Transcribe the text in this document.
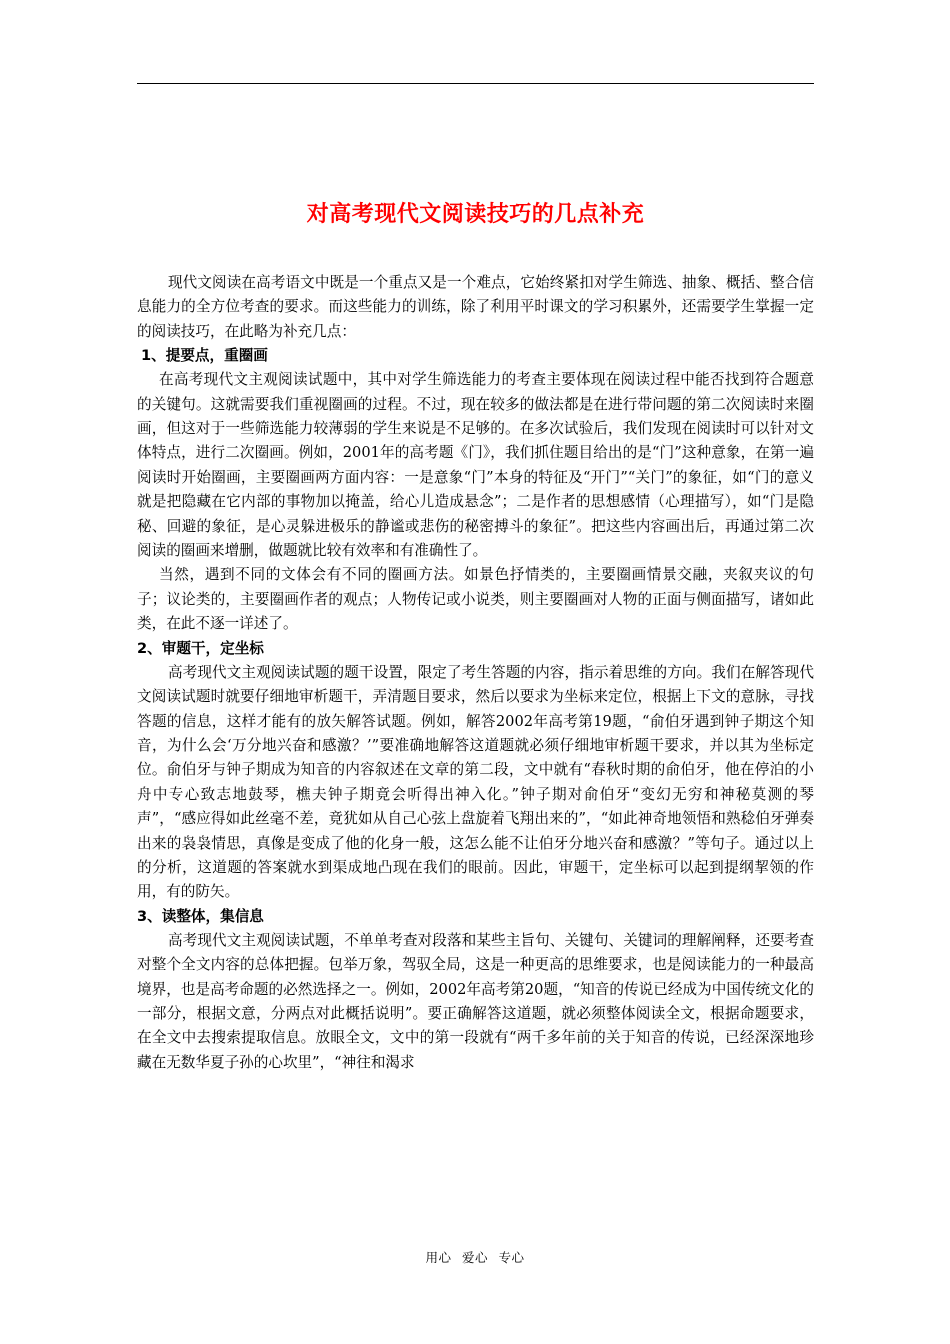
对高考现代文阅读技巧的几点补充

现代文阅读在高考语文中既是一个重点又是一个难点，它始终紧扣对学生筛选、抽象、概括、整合信息能力的全方位考查的要求。而这些能力的训练，除了利用平时课文的学习积累外，还需要学生掌握一定的阅读技巧，在此略为补充几点：

1、提要点，重圈画

在高考现代文主观阅读试题中，其中对学生筛选能力的考查主要体现在阅读过程中能否找到符合题意的关键句。这就需要我们重视圈画的过程。不过，现在较多的做法都是在进行带问题的第二次阅读时来圈画，但这对于一些筛选能力较薄弱的学生来说是不足够的。在多次试验后，我们发现在阅读时可以针对文体特点，进行二次圈画。例如，2001年的高考题《门》，我们抓住题目给出的是“门”这种意象，在第一遍阅读时开始圈画，主要圈画两方面内容：一是意象“门”本身的特征及“开门”“关门”的象征，如“门的意义就是把隐藏在它内部的事物加以掩盖，给心儿造成悬念”；二是作者的思想感情（心理描写），如“门是隐秘、回避的象征，是心灵躲进极乐的静谧或悲伤的秘密搏斗的象征”。把这些内容画出后，再通过第二次阅读的圈画来增删，做题就比较有效率和有准确性了。

当然，遇到不同的文体会有不同的圈画方法。如景色抒情类的，主要圈画情景交融，夹叙夹议的句子；议论类的，主要圈画作者的观点；人物传记或小说类，则主要圈画对人物的正面与侧面描写，诸如此类，在此不逐一详述了。

2、审题干，定坐标

高考现代文主观阅读试题的题干设置，限定了考生答题的内容，指示着思维的方向。我们在解答现代文阅读试题时就要仔细地审析题干，弄清题目要求，然后以要求为坐标来定位，根据上下文的意脉，寻找答题的信息，这样才能有的放矢解答试题。例如，解答2002年高考第19题，“俞伯牙遇到钟子期这个知音，为什么会‘万分地兴奋和感激？’”要准确地解答这道题就必须仔细地审析题干要求，并以其为坐标定位。俞伯牙与钟子期成为知音的内容叙述在文章的第二段，文中就有“春秋时期的俞伯牙，他在停泊的小舟中专心致志地鼓琴，樵夫钟子期竟会听得出神入化。”钟子期对俞伯牙“变幻无穷和神秘莫测的琴声”，“感应得如此丝毫不差，竟犹如从自己心弦上盘旋着飞翔出来的”，“如此神奇地领悟和熟稔伯牙弹奏出来的袅袅情思，真像是变成了他的化身一般，这怎么能不让伯牙分地兴奋和感激？”等句子。通过以上的分析，这道题的答案就水到渠成地凸现在我们的眼前。因此，审题干，定坐标可以起到提纲挈领的作用，有的防矢。

3、读整体，集信息

高考现代文主观阅读试题，不单单考查对段落和某些主旨句、关键句、关键词的理解阐释，还要考查对整个全文内容的总体把握。包举万象，驾驭全局，这是一种更高的思维要求，也是阅读能力的一种最高境界，也是高考命题的必然选择之一。例如，2002年高考第20题，“知音的传说已经成为中国传统文化的一部分，根据文意，分两点对此概括说明”。要正确解答这道题，就必须整体阅读全文，根据命题要求，在全文中去搜索提取信息。放眼全文，文中的第一段就有“两千多年前的关于知音的传说，已经深深地珍藏在无数华夏子孙的心坎里”，“神往和渴求

用心 爱心 专心
